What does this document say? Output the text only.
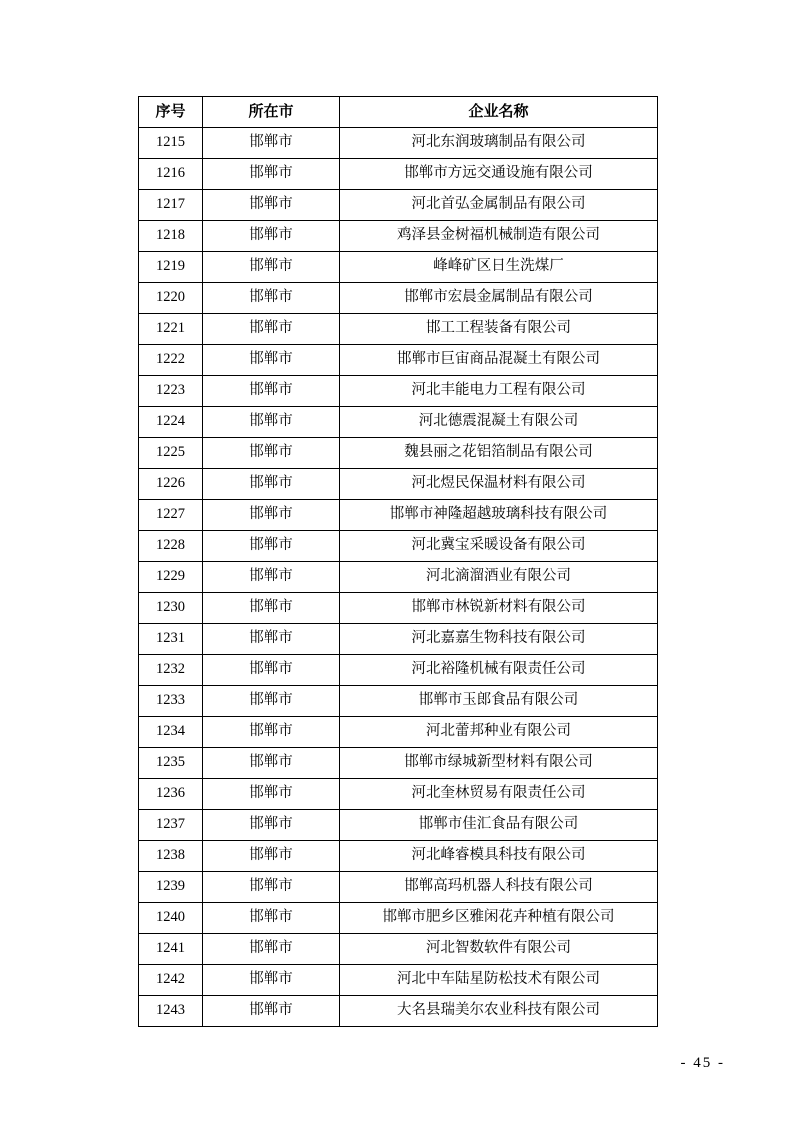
序号	所在市	企业名称
1215	邯郸市	河北东润玻璃制品有限公司
1216	邯郸市	邯郸市方远交通设施有限公司
1217	邯郸市	河北首弘金属制品有限公司
1218	邯郸市	鸡泽县金树福机械制造有限公司
1219	邯郸市	峰峰矿区日生洗煤厂
1220	邯郸市	邯郸市宏晨金属制品有限公司
1221	邯郸市	邯工工程装备有限公司
1222	邯郸市	邯郸市巨宙商品混凝土有限公司
1223	邯郸市	河北丰能电力工程有限公司
1224	邯郸市	河北德震混凝土有限公司
1225	邯郸市	魏县丽之花铝箔制品有限公司
1226	邯郸市	河北煜民保温材料有限公司
1227	邯郸市	邯郸市神隆超越玻璃科技有限公司
1228	邯郸市	河北冀宝采暖设备有限公司
1229	邯郸市	河北滴溜酒业有限公司
1230	邯郸市	邯郸市林锐新材料有限公司
1231	邯郸市	河北嘉嘉生物科技有限公司
1232	邯郸市	河北裕隆机械有限责任公司
1233	邯郸市	邯郸市玉郎食品有限公司
1234	邯郸市	河北蕾邦种业有限公司
1235	邯郸市	邯郸市绿城新型材料有限公司
1236	邯郸市	河北奎林贸易有限责任公司
1237	邯郸市	邯郸市佳汇食品有限公司
1238	邯郸市	河北峰睿模具科技有限公司
1239	邯郸市	邯郸高玛机器人科技有限公司
1240	邯郸市	邯郸市肥乡区雅闲花卉种植有限公司
1241	邯郸市	河北智数软件有限公司
1242	邯郸市	河北中车陆星防松技术有限公司
1243	邯郸市	大名县瑞美尔农业科技有限公司
- 45 -
